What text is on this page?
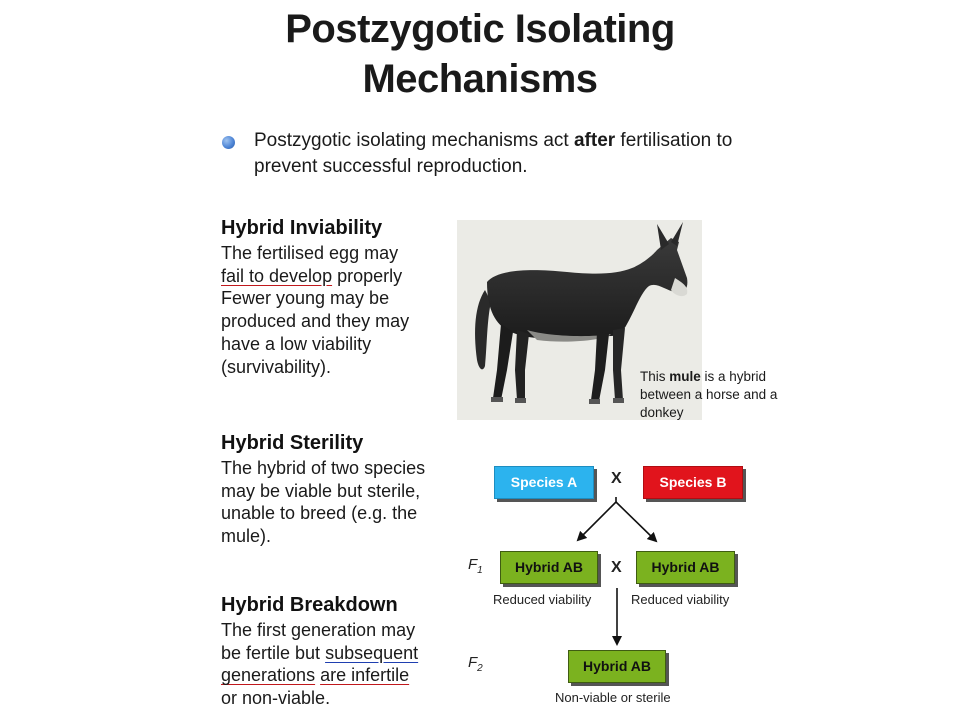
Postzygotic Isolating
Mechanisms
Postzygotic isolating mechanisms act after fertilisation to prevent successful reproduction.
Hybrid Inviability
The fertilised egg may
fail to develop properly
Fewer young may be
produced and they may
have a low viability
(survivability).	This mule is a hybrid between a horse and a donkey
Hybrid Sterility
The hybrid of two species
may be viable but sterile,
unable to breed (e.g. the
mule).
Hybrid Breakdown
The first generation may
be fertile but subsequent
generations are infertile
or non-viable.
Species A	X	Species B
$F_1$	Hybrid AB	X	Hybrid AB
Reduced viability	Reduced viability
$F_2$	Hybrid AB
Non-viable or sterile
